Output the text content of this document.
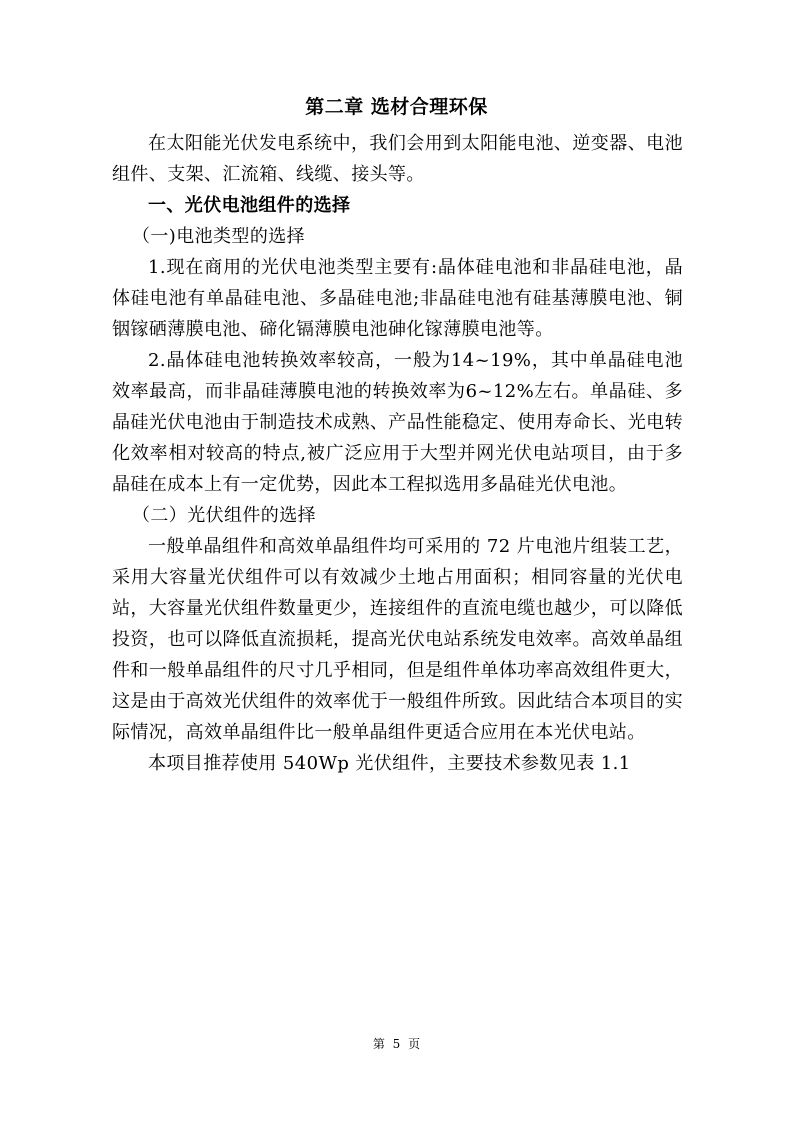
第二章 选材合理环保

在太阳能光伏发电系统中，我们会用到太阳能电池、逆变器、电池组件、支架、汇流箱、线缆、接头等。

一、光伏电池组件的选择

（一)电池类型的选择

1.现在商用的光伏电池类型主要有:晶体硅电池和非晶硅电池，晶体硅电池有单晶硅电池、多晶硅电池;非晶硅电池有硅基薄膜电池、铜铟镓硒薄膜电池、碲化镉薄膜电池砷化镓薄膜电池等。

2.晶体硅电池转换效率较高，一般为14~19%，其中单晶硅电池效率最高，而非晶硅薄膜电池的转换效率为6~12%左右。单晶硅、多晶硅光伏电池由于制造技术成熟、产品性能稳定、使用寿命长、光电转化效率相对较高的特点,被广泛应用于大型并网光伏电站项目，由于多晶硅在成本上有一定优势，因此本工程拟选用多晶硅光伏电池。

（二）光伏组件的选择

一般单晶组件和高效单晶组件均可采用的 72 片电池片组装工艺，采用大容量光伏组件可以有效减少土地占用面积；相同容量的光伏电站，大容量光伏组件数量更少，连接组件的直流电缆也越少，可以降低投资，也可以降低直流损耗，提高光伏电站系统发电效率。高效单晶组件和一般单晶组件的尺寸几乎相同，但是组件单体功率高效组件更大，这是由于高效光伏组件的效率优于一般组件所致。因此结合本项目的实际情况，高效单晶组件比一般单晶组件更适合应用在本光伏电站。

本项目推荐使用 540Wp 光伏组件，主要技术参数见表 1.1

第 5 页
